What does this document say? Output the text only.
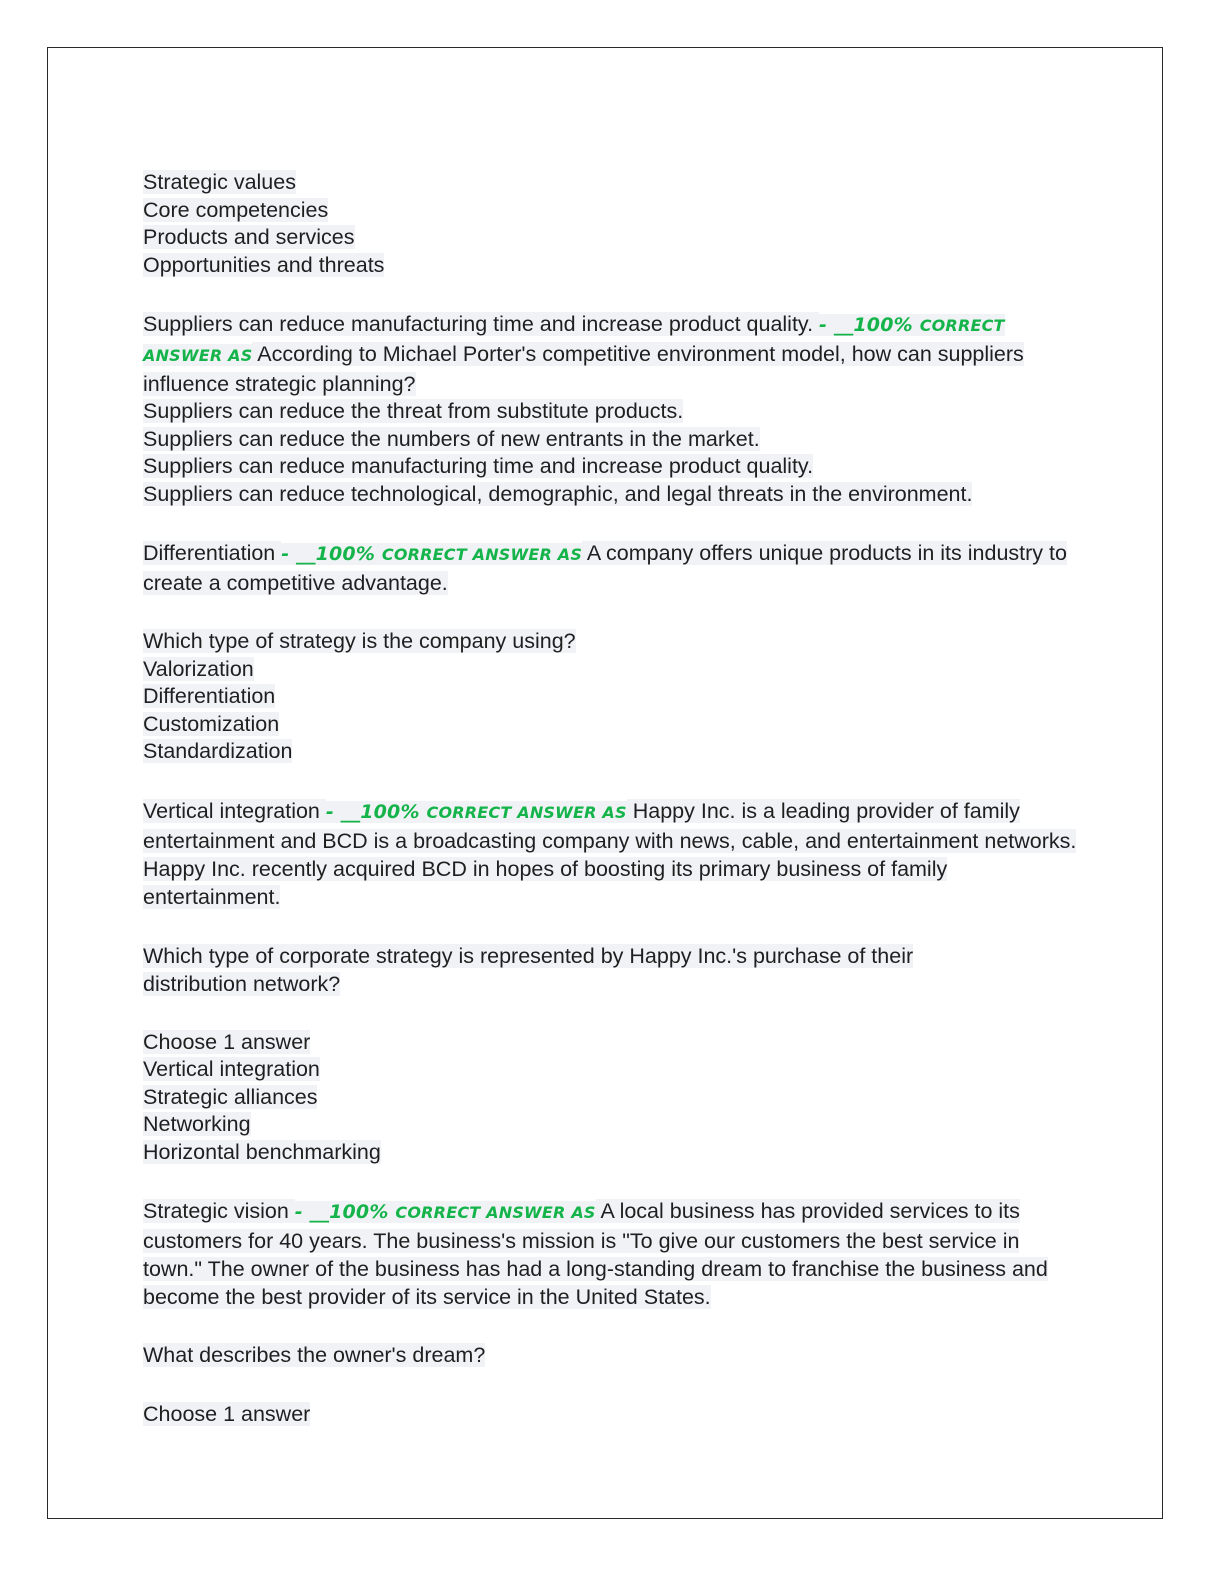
Strategic values
Core competencies
Products and services
Opportunities and threats
Suppliers can reduce manufacturing time and increase product quality. - __100% CORRECT ANSWER AS According to Michael Porter's competitive environment model, how can suppliers influence strategic planning?
Suppliers can reduce the threat from substitute products.
Suppliers can reduce the numbers of new entrants in the market.
Suppliers can reduce manufacturing time and increase product quality.
Suppliers can reduce technological, demographic, and legal threats in the environment.
Differentiation - __100% CORRECT ANSWER AS A company offers unique products in its industry to create a competitive advantage.
Which type of strategy is the company using?
Valorization
Differentiation
Customization
Standardization
Vertical integration - __100% CORRECT ANSWER AS Happy Inc. is a leading provider of family entertainment and BCD is a broadcasting company with news, cable, and entertainment networks. Happy Inc. recently acquired BCD in hopes of boosting its primary business of family entertainment.
Which type of corporate strategy is represented by Happy Inc.'s purchase of their distribution network?
Choose 1 answer
Vertical integration
Strategic alliances
Networking
Horizontal benchmarking
Strategic vision - __100% CORRECT ANSWER AS A local business has provided services to its customers for 40 years. The business's mission is "To give our customers the best service in town." The owner of the business has had a long-standing dream to franchise the business and become the best provider of its service in the United States.
What describes the owner's dream?
Choose 1 answer
